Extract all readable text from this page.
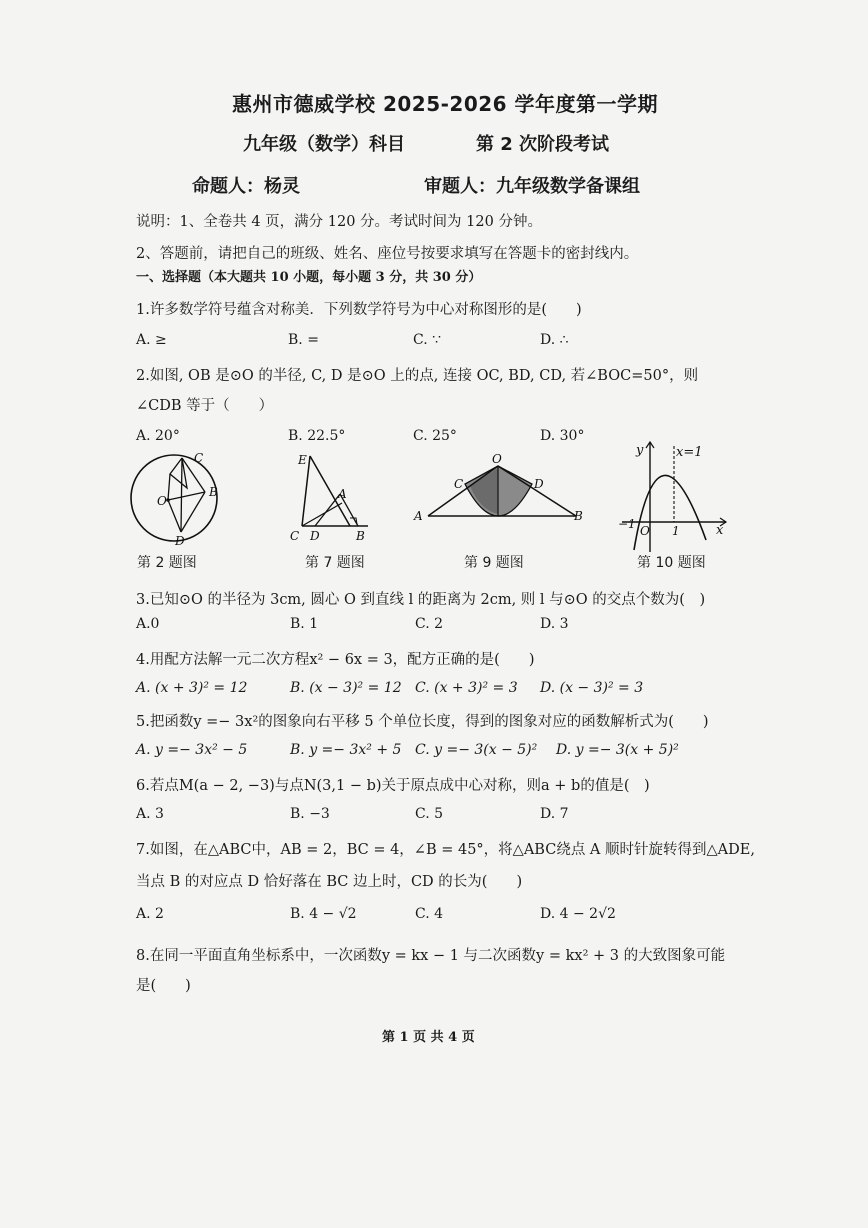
惠州市德威学校 2025-2026 学年度第一学期
九年级（数学）科目	第 2 次阶段考试
命题人：杨灵	审题人：九年级数学备课组
说明：1、全卷共 4 页，满分 120 分。考试时间为 120 分钟。
2、答题前，请把自己的班级、姓名、座位号按要求填写在答题卡的密封线内。
一、选择题（本大题共 10 小题，每小题 3 分，共 30 分）
1.许多数学符号蕴含对称美．下列数学符号为中心对称图形的是(　　)
A. ≥	B. =	C. ∵	D. ∴
2.如图, OB 是⊙O 的半径, C, D 是⊙O 上的点, 连接 OC, BD, CD, 若∠BOC=50°，则
∠CDB 等于（　　）
A. 20°	B. 22.5°	C. 25°	D. 30°
C
B
O
D
E
A
C D	B
O
C	D
A	B
y	x=1
−1 O 1	x
第 2 题图	第 7 题图	第 9 题图	第 10 题图
3.已知⊙O 的半径为 3cm, 圆心 O 到直线 l 的距离为 2cm, 则 l 与⊙O 的交点个数为(　)
A.0	B. 1	C. 2	D. 3
4.用配方法解一元二次方程x² − 6x = 3，配方正确的是(　　)
A. (x + 3)² = 12	B. (x − 3)² = 12 C. (x + 3)² = 3 D. (x − 3)² = 3
5.把函数y =− 3x²的图象向右平移 5 个单位长度，得到的图象对应的函数解析式为(　　)
A. y =− 3x² − 5	B. y =− 3x² + 5 C. y =− 3(x − 5)² D. y =− 3(x + 5)²
6.若点M(a − 2, −3)与点N(3,1 − b)关于原点成中心对称，则a + b的值是(　)
A. 3	B. −3	C. 5	D. 7
7.如图，在△ABC中，AB = 2，BC = 4，∠B = 45°，将△ABC绕点 A 顺时针旋转得到△ADE,
当点 B 的对应点 D 恰好落在 BC 边上时，CD 的长为(　　)
A. 2	B. 4 − √2	C. 4	D. 4 − 2√2
8.在同一平面直角坐标系中，一次函数y = kx − 1 与二次函数y = kx² + 3 的大致图象可能
是(　　)
第 1 页 共 4 页
